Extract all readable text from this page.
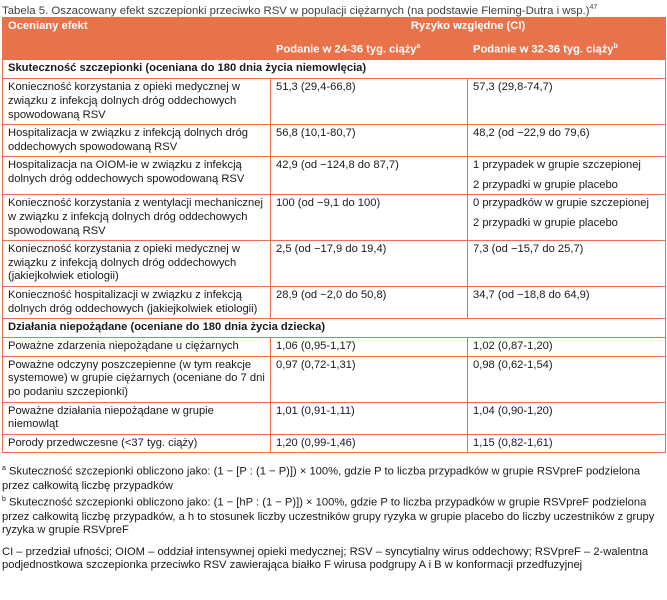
Tabela 5. Oszacowany efekt szczepionki przeciwko RSV w populacji ciężarnych (na podstawie Fleming-Dutra i wsp.)$^{47}$
Oceniany efekt	Ryzyko względne (CI)	
	Podanie w 24-36 tyg. ciąży$^a$	Podanie w 32-36 tyg. ciąży$^b$
Skuteczność szczepionki (oceniana do 180 dnia życia niemowlęcia)		
Konieczność korzystania z opieki medycznej w związku z infekcją dolnych dróg oddechowych spowodowaną RSV	51,3 (29,4-66,8)	57,3 (29,8-74,7)
Hospitalizacja w związku z infekcją dolnych dróg oddechowych spowodowaną RSV	56,8 (10,1-80,7)	48,2 (od −22,9 do 79,6)
Hospitalizacja na OIOM-ie w związku z infekcją dolnych dróg oddechowych spowodowaną RSV	42,9 (od −124,8 do 87,7)	1 przypadek w grupie szczepionej
2 przypadki w grupie placebo

Konieczność korzystania z wentylacji mechanicznej w związku z infekcją dolnych dróg oddechowych spowodowaną RSV	100 (od −9,1 do 100)	0 przypadków w grupie szczepionej
2 przypadki w grupie placebo

Konieczność korzystania z opieki medycznej w związku z infekcją dolnych dróg oddechowych (jakiejkolwiek etiologii)	2,5 (od −17,9 do 19,4)	7,3 (od −15,7 do 25,7)
Konieczność hospitalizacji w związku z infekcją dolnych dróg oddechowych (jakiejkolwiek etiologii)	28,9 (od −2,0 do 50,8)	34,7 (od −18,8 do 64,9)
Działania niepożądane (oceniane do 180 dnia życia dziecka)		
Poważne zdarzenia niepożądane u ciężarnych	1,06 (0,95-1,17)	1,02 (0,87-1,20)
Poważne odczyny poszczepienne (w tym reakcje systemowe) w grupie ciężarnych (oceniane do 7 dni po podaniu szczepionki)	0,97 (0,72-1,31)	0,98 (0,62-1,54)
Poważne działania niepożądane w grupie niemowląt	1,01 (0,91-1,11)	1,04 (0,90-1,20)
Porody przedwczesne (<37 tyg. ciąży)	1,20 (0,99-1,46)	1,15 (0,82-1,61)

$^a$ Skuteczność szczepionki obliczono jako: (1 − [P : (1 − P)]) × 100%, gdzie P to liczba przypadków w grupie RSVpreF podzielona przez całkowitą liczbę przypadków

$^b$ Skuteczność szczepionki obliczono jako: (1 − [hP : (1 − P)]) × 100%, gdzie P to liczba przypadków w grupie RSVpreF podzielona przez całkowitą liczbę przypadków, a h to stosunek liczby uczestników grupy ryzyka w grupie placebo do liczby uczestników z grupy ryzyka w grupie RSVpreF

CI – przedział ufności; OIOM – oddział intensywnej opieki medycznej; RSV – syncytialny wirus oddechowy; RSVpreF – 2-walentna podjednostkowa szczepionka przeciwko RSV zawierająca białko F wirusa podgrupy A i B w konformacji przedfuzyjnej
